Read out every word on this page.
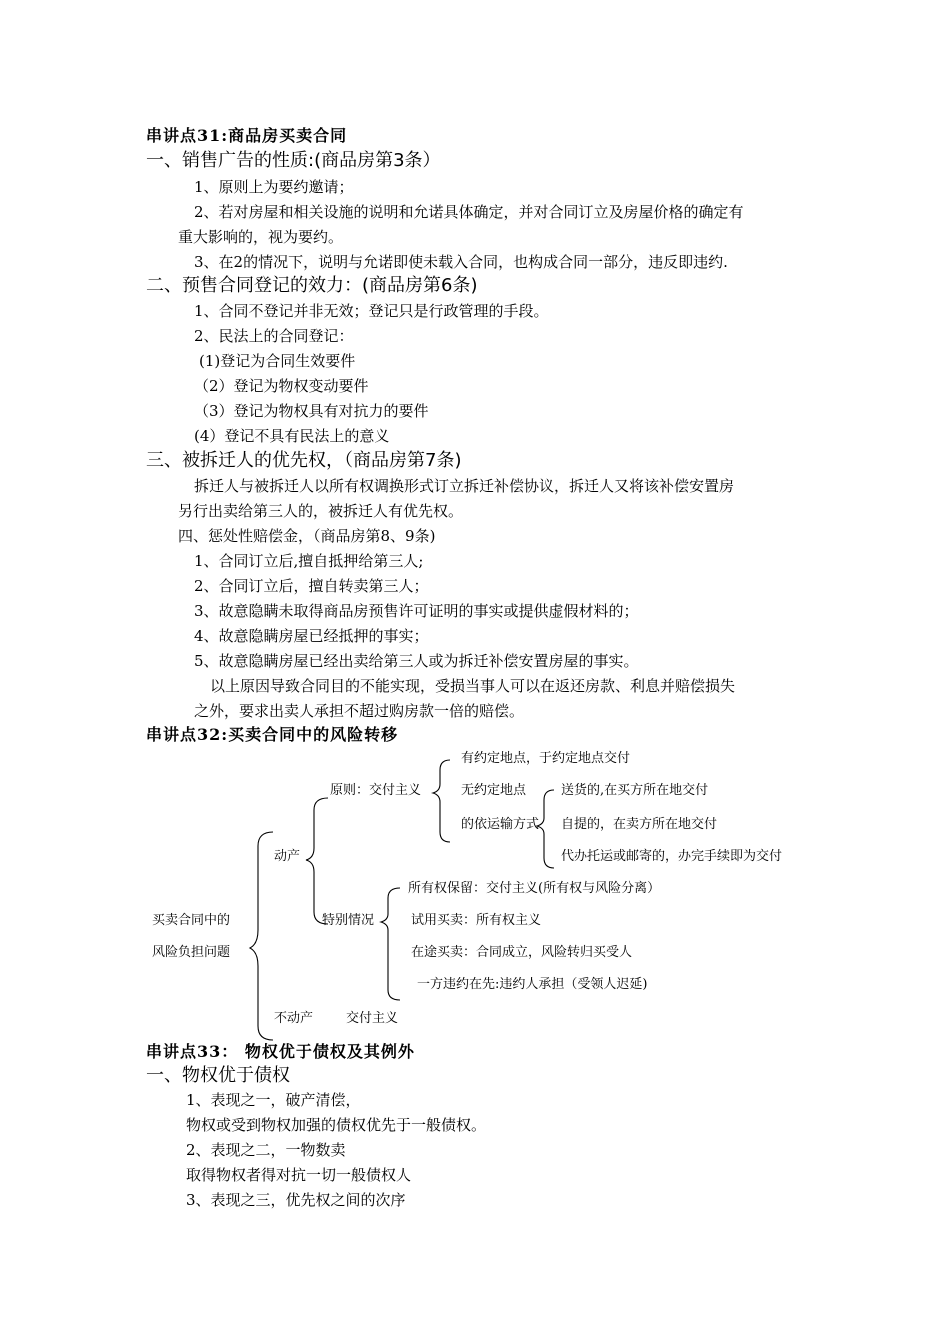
串讲点31:商品房买卖合同
一、销售广告的性质:(商品房第3条）
1、原则上为要约邀请；
2、若对房屋和相关设施的说明和允诺具体确定，并对合同订立及房屋价格的确定有
重大影响的，视为要约。
3、在2的情况下，说明与允诺即使未载入合同，也构成合同一部分，违反即违约.
二、预售合同登记的效力：(商品房第6条)
1、合同不登记并非无效；登记只是行政管理的手段。
2、民法上的合同登记：
(1)登记为合同生效要件
（2）登记为物权变动要件
（3）登记为物权具有对抗力的要件
(4）登记不具有民法上的意义
三、被拆迁人的优先权，（商品房第7条)
拆迁人与被拆迁人以所有权调换形式订立拆迁补偿协议，拆迁人又将该补偿安置房
另行出卖给第三人的，被拆迁人有优先权。
四、惩处性赔偿金，（商品房第8、9条)
1、合同订立后,擅自抵押给第三人;
2、合同订立后，擅自转卖第三人；
3、故意隐瞒未取得商品房预售许可证明的事实或提供虚假材料的；
4、故意隐瞒房屋已经抵押的事实；
5、故意隐瞒房屋已经出卖给第三人或为拆迁补偿安置房屋的事实。
以上原因导致合同目的不能实现，受损当事人可以在返还房款、利息并赔偿损失
之外，要求出卖人承担不超过购房款一倍的赔偿。
串讲点32:买卖合同中的风险转移
买卖合同中的
风险负担问题
动产
不动产	交付主义
原则：交付主义
有约定地点，于约定地点交付
无约定地点
的依运输方式
送货的,在买方所在地交付
自提的，在卖方所在地交付
代办托运或邮寄的，办完手续即为交付
特别情况
所有权保留：交付主义(所有权与风险分离）
试用买卖：所有权主义
在途买卖：合同成立，风险转归买受人
一方违约在先:违约人承担（受领人迟延)
串讲点33： 物权优于债权及其例外
一、物权优于债权
1、表现之一，破产清偿，
物权或受到物权加强的债权优先于一般债权。
2、表现之二，一物数卖
取得物权者得对抗一切一般债权人
3、表现之三，优先权之间的次序
